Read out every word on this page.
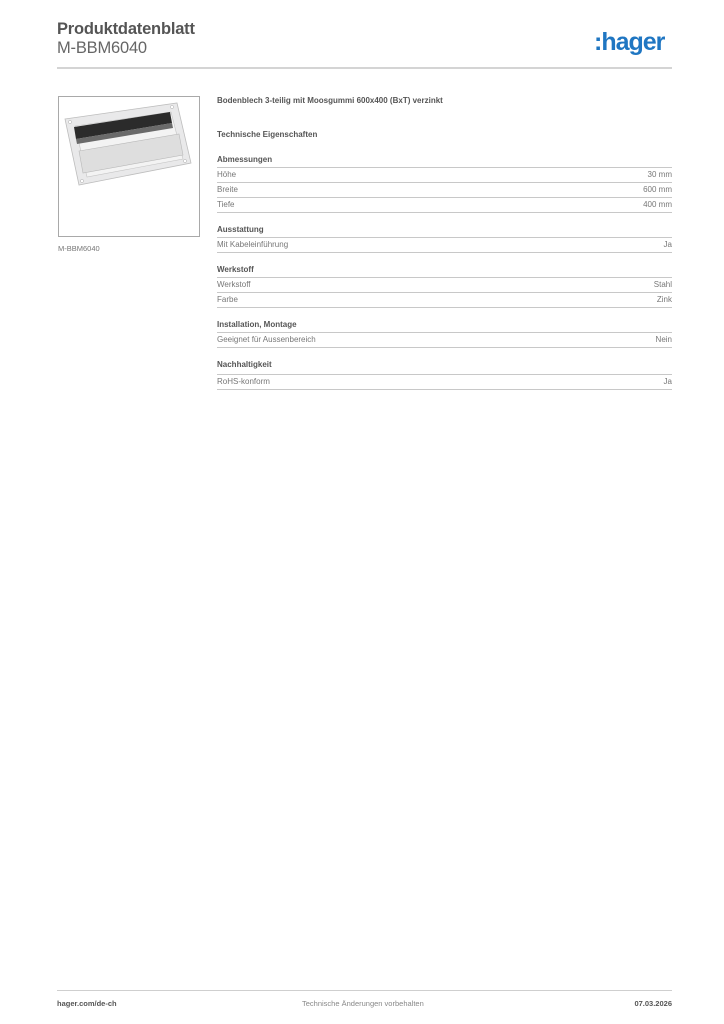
Produktdatenblatt
M-BBM6040	:hager
M-BBM6040
Bodenblech 3-teilig mit Moosgummi 600x400 (BxT) verzinkt
Technische Eigenschaften
Abmessungen
Höhe	30 mm
Breite	600 mm
Tiefe	400 mm
Ausstattung
Mit Kabeleinführung	Ja
Werkstoff
Werkstoff	Stahl
Farbe	Zink
Installation, Montage
Geeignet für Aussenbereich	Nein
Nachhaltigkeit
RoHS-konform	Ja
hager.com/de-ch	Technische Änderungen vorbehalten	07.03.2026
